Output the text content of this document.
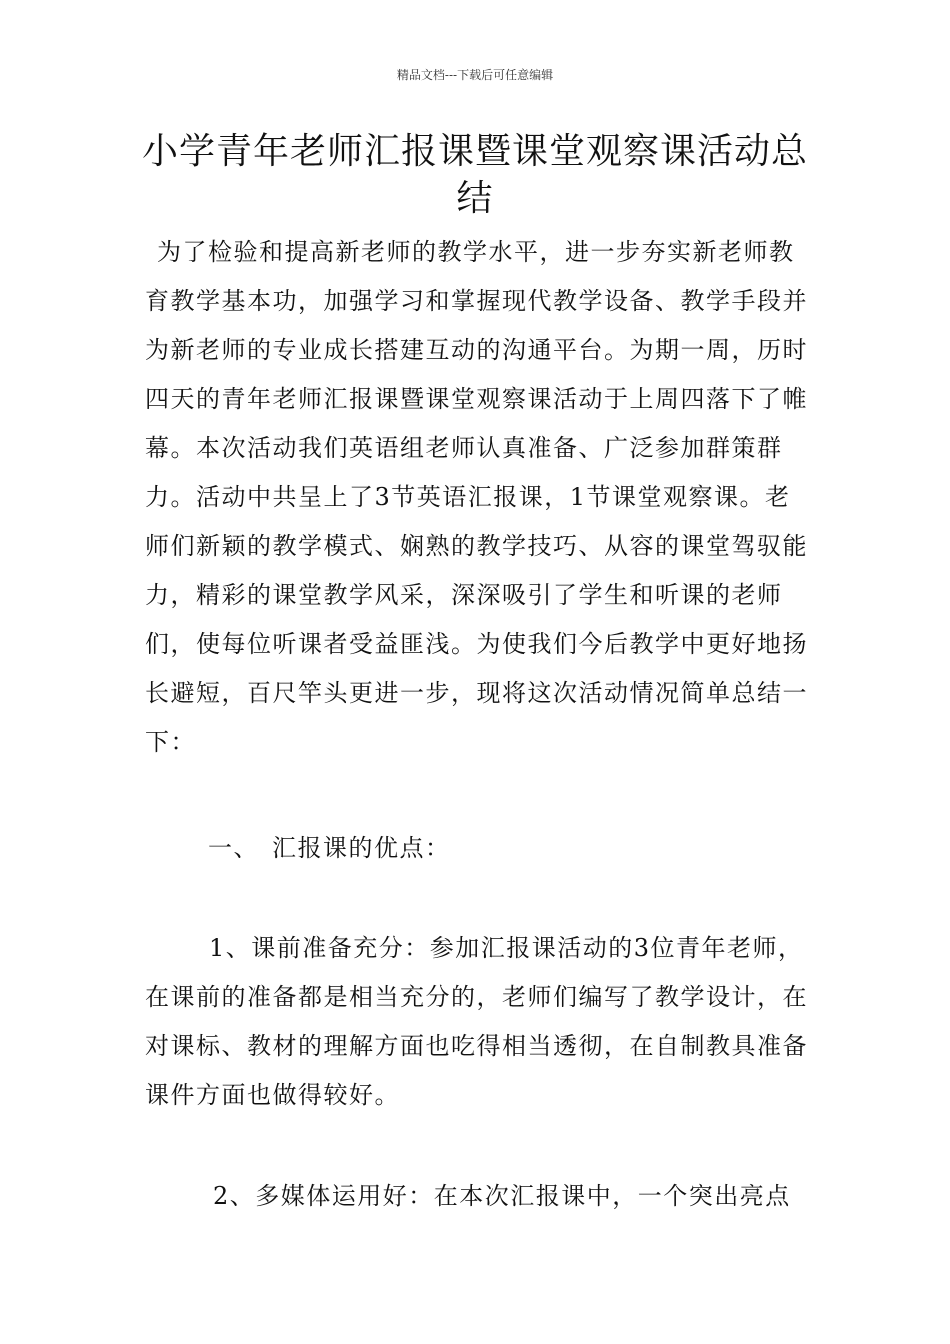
精品文档---下载后可任意编辑
小学青年老师汇报课暨课堂观察课活动总结
为了检验和提高新老师的教学水平，进一步夯实新老师教育教学基本功，加强学习和掌握现代教学设备、教学手段并为新老师的专业成长搭建互动的沟通平台。为期一周，历时四天的青年老师汇报课暨课堂观察课活动于上周四落下了帷幕。本次活动我们英语组老师认真准备、广泛参加群策群力。活动中共呈上了3节英语汇报课，1节课堂观察课。老师们新颖的教学模式、娴熟的教学技巧、从容的课堂驾驭能力，精彩的课堂教学风采，深深吸引了学生和听课的老师们，使每位听课者受益匪浅。为使我们今后教学中更好地扬长避短，百尺竿头更进一步，现将这次活动情况简单总结一下：
一、 汇报课的优点：
1、课前准备充分：参加汇报课活动的3位青年老师，在课前的准备都是相当充分的，老师们编写了教学设计，在对课标、教材的理解方面也吃得相当透彻，在自制教具准备课件方面也做得较好。
2、多媒体运用好：在本次汇报课中，一个突出亮点
